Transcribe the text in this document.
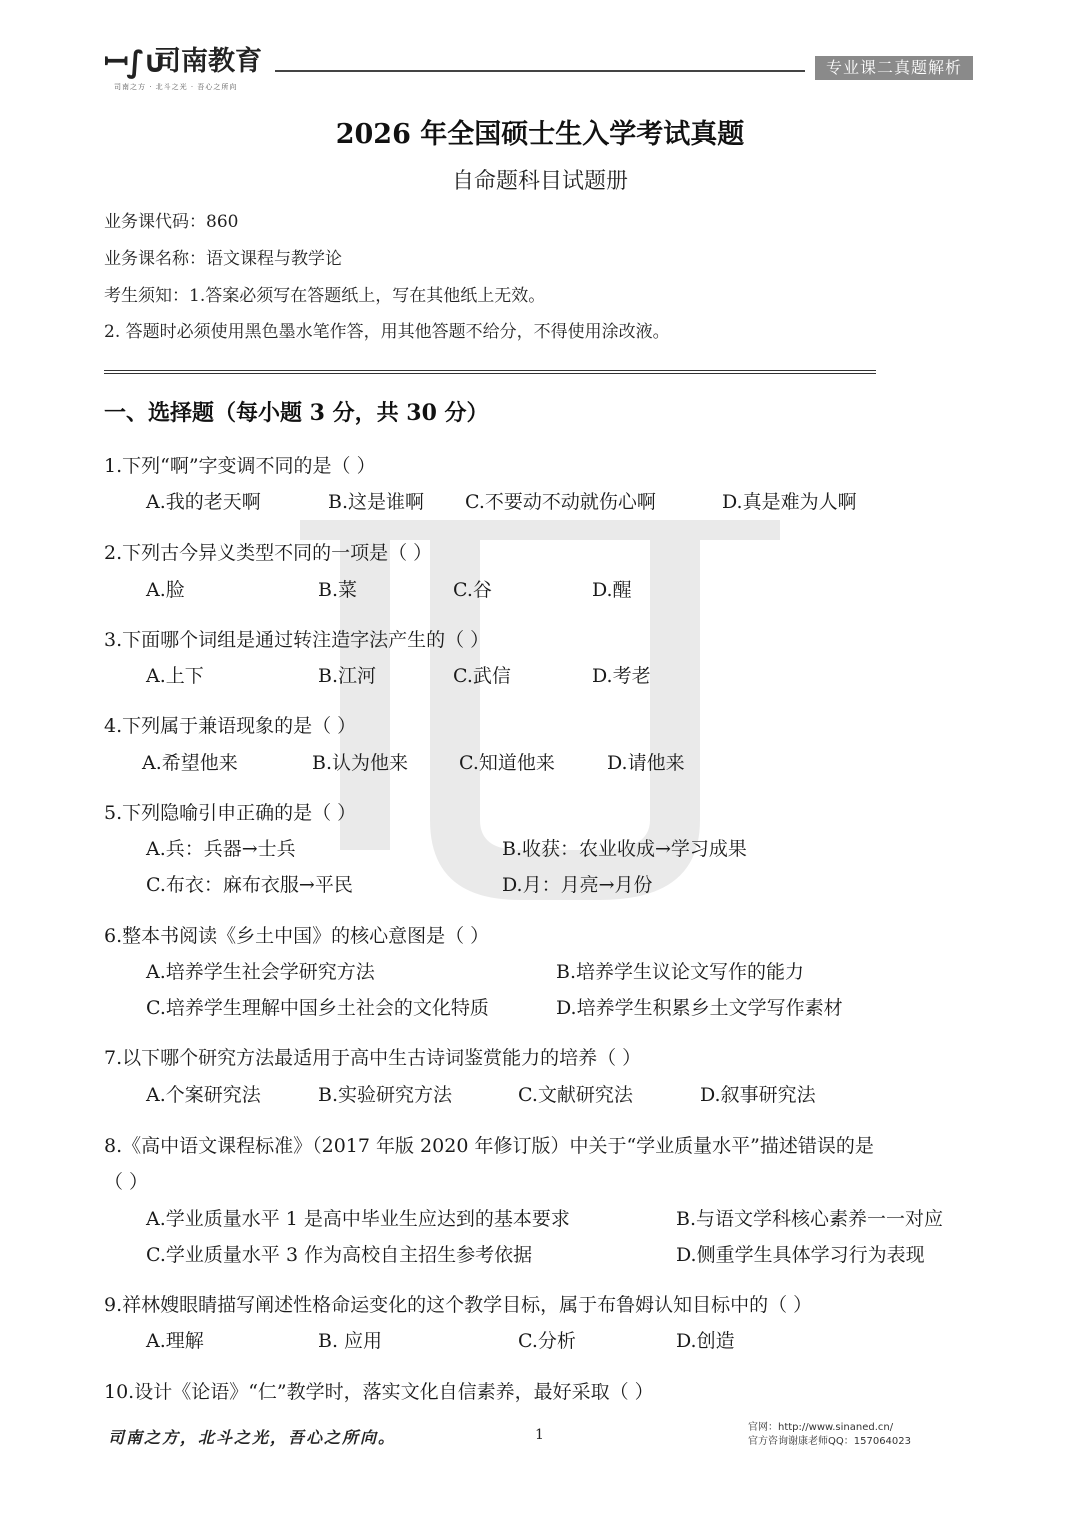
ꟷ∫∪
司南教育
司南之方 · 北斗之光 · 吾心之所向
专业课二真题解析
2026 年全国硕士生入学考试真题
自命题科目试题册
业务课代码：860
业务课名称：语文课程与教学论
考生须知：1.答案必须写在答题纸上，写在其他纸上无效。
2. 答题时必须使用黑色墨水笔作答，用其他答题不给分，不得使用涂改液。
一、选择题（每小题 3 分，共 30 分）
1.下列“啊”字变调不同的是（ ）
A.我的老天啊	B.这是谁啊 C.不要动不动就伤心啊	D.真是难为人啊
2.下列古今异义类型不同的一项是（ ）
A.脸	B.菜	C.谷	D.醒
3.下面哪个词组是通过转注造字法产生的（ ）
A.上下	B.江河	C.武信	D.考老
4.下列属于兼语现象的是（ ）
A.希望他来	B.认为他来	C.知道他来	D.请他来
5.下列隐喻引申正确的是（ ）
A.兵：兵器→士兵	B.收获：农业收成→学习成果
C.布衣：麻布衣服→平民	D.月：月亮→月份
6.整本书阅读《乡土中国》的核心意图是（ ）
A.培养学生社会学研究方法	B.培养学生议论文写作的能力
C.培养学生理解中国乡土社会的文化特质	D.培养学生积累乡土文学写作素材
7.以下哪个研究方法最适用于高中生古诗词鉴赏能力的培养（ ）
A.个案研究法	B.实验研究方法	C.文献研究法	D.叙事研究法
8.《高中语文课程标准》（2017 年版 2020 年修订版）中关于“学业质量水平”描述错误的是
（ ）
A.学业质量水平 1 是高中毕业生应达到的基本要求	B.与语文学科核心素养一一对应
C.学业质量水平 3 作为高校自主招生参考依据	D.侧重学生具体学习行为表现
9.祥林嫂眼睛描写阐述性格命运变化的这个教学目标，属于布鲁姆认知目标中的（ ）
A.理解	B. 应用	C.分析	D.创造
10.设计《论语》“仁”教学时，落实文化自信素养，最好采取（ ）
司南之方，北斗之光，吾心之所向。	1	官网：http://www.sinaned.cn/
官方咨询谢康老师QQ：157064023
